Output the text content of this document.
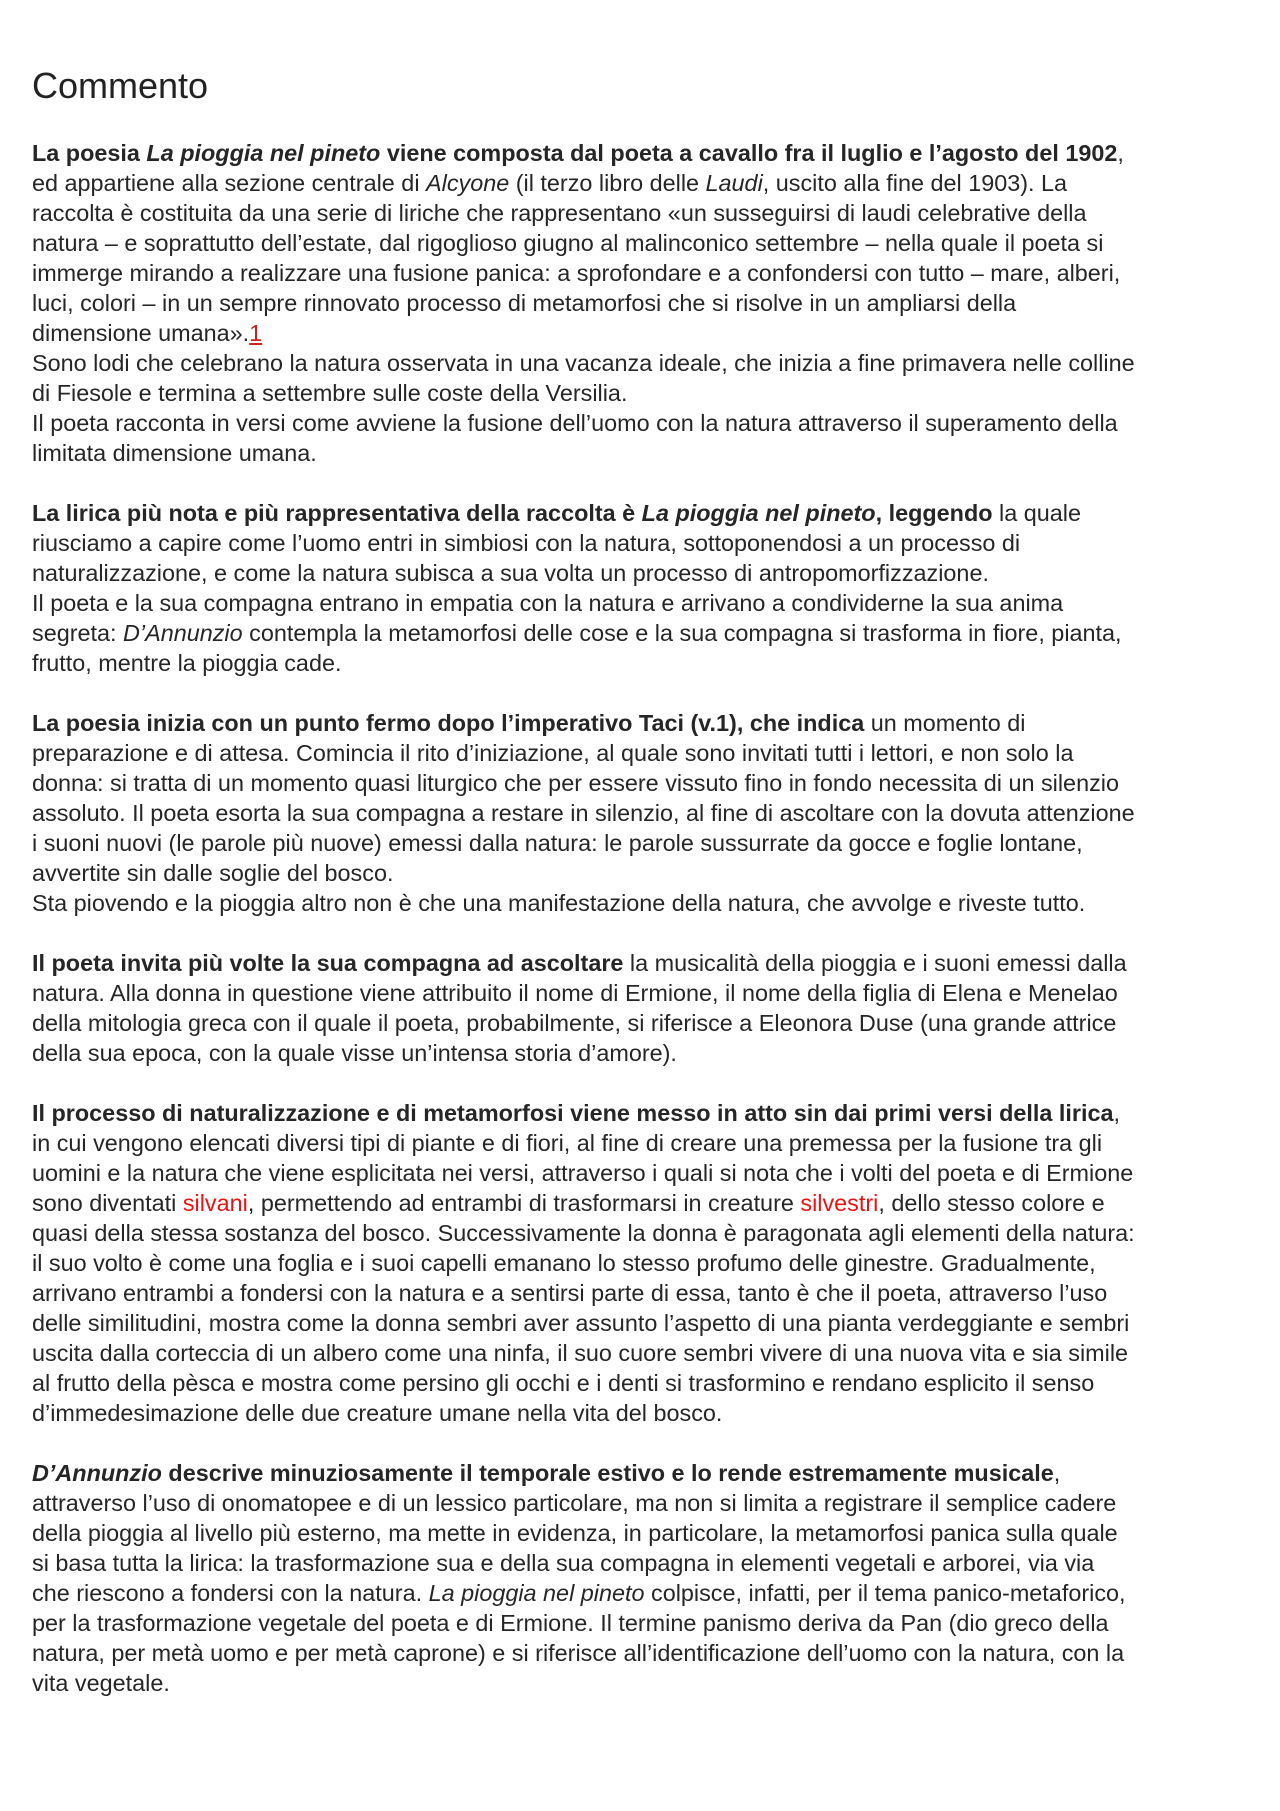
Commento

La poesia La pioggia nel pineto viene composta dal poeta a cavallo fra il luglio e l’agosto del 1902,
ed appartiene alla sezione centrale di Alcyone (il terzo libro delle Laudi, uscito alla fine del 1903). La
raccolta è costituita da una serie di liriche che rappresentano «un susseguirsi di laudi celebrative della
natura – e soprattutto dell’estate, dal rigoglioso giugno al malinconico settembre – nella quale il poeta si
immerge mirando a realizzare una fusione panica: a sprofondare e a confondersi con tutto – mare, alberi,
luci, colori – in un sempre rinnovato processo di metamorfosi che si risolve in un ampliarsi della
dimensione umana».1
Sono lodi che celebrano la natura osservata in una vacanza ideale, che inizia a fine primavera nelle colline
di Fiesole e termina a settembre sulle coste della Versilia.
Il poeta racconta in versi come avviene la fusione dell’uomo con la natura attraverso il superamento della
limitata dimensione umana.

La lirica più nota e più rappresentativa della raccolta è La pioggia nel pineto, leggendo la quale
riusciamo a capire come l’uomo entri in simbiosi con la natura, sottoponendosi a un processo di
naturalizzazione, e come la natura subisca a sua volta un processo di antropomorfizzazione.
Il poeta e la sua compagna entrano in empatia con la natura e arrivano a condividerne la sua anima
segreta: D’Annunzio contempla la metamorfosi delle cose e la sua compagna si trasforma in fiore, pianta,
frutto, mentre la pioggia cade.

La poesia inizia con un punto fermo dopo l’imperativo Taci (v.1), che indica un momento di
preparazione e di attesa. Comincia il rito d’iniziazione, al quale sono invitati tutti i lettori, e non solo la
donna: si tratta di un momento quasi liturgico che per essere vissuto fino in fondo necessita di un silenzio
assoluto. Il poeta esorta la sua compagna a restare in silenzio, al fine di ascoltare con la dovuta attenzione
i suoni nuovi (le parole più nuove) emessi dalla natura: le parole sussurrate da gocce e foglie lontane,
avvertite sin dalle soglie del bosco.
Sta piovendo e la pioggia altro non è che una manifestazione della natura, che avvolge e riveste tutto.

Il poeta invita più volte la sua compagna ad ascoltare la musicalità della pioggia e i suoni emessi dalla
natura. Alla donna in questione viene attribuito il nome di Ermione, il nome della figlia di Elena e Menelao
della mitologia greca con il quale il poeta, probabilmente, si riferisce a Eleonora Duse (una grande attrice
della sua epoca, con la quale visse un’intensa storia d’amore).

Il processo di naturalizzazione e di metamorfosi viene messo in atto sin dai primi versi della lirica,
in cui vengono elencati diversi tipi di piante e di fiori, al fine di creare una premessa per la fusione tra gli
uomini e la natura che viene esplicitata nei versi, attraverso i quali si nota che i volti del poeta e di Ermione
sono diventati silvani, permettendo ad entrambi di trasformarsi in creature silvestri, dello stesso colore e
quasi della stessa sostanza del bosco. Successivamente la donna è paragonata agli elementi della natura:
il suo volto è come una foglia e i suoi capelli emanano lo stesso profumo delle ginestre. Gradualmente,
arrivano entrambi a fondersi con la natura e a sentirsi parte di essa, tanto è che il poeta, attraverso l’uso
delle similitudini, mostra come la donna sembri aver assunto l’aspetto di una pianta verdeggiante e sembri
uscita dalla corteccia di un albero come una ninfa, il suo cuore sembri vivere di una nuova vita e sia simile
al frutto della pèsca e mostra come persino gli occhi e i denti si trasformino e rendano esplicito il senso
d’immedesimazione delle due creature umane nella vita del bosco.

D’Annunzio descrive minuziosamente il temporale estivo e lo rende estremamente musicale,
attraverso l’uso di onomatopee e di un lessico particolare, ma non si limita a registrare il semplice cadere
della pioggia al livello più esterno, ma mette in evidenza, in particolare, la metamorfosi panica sulla quale
si basa tutta la lirica: la trasformazione sua e della sua compagna in elementi vegetali e arborei, via via
che riescono a fondersi con la natura. La pioggia nel pineto colpisce, infatti, per il tema panico-metaforico,
per la trasformazione vegetale del poeta e di Ermione. Il termine panismo deriva da Pan (dio greco della
natura, per metà uomo e per metà caprone) e si riferisce all’identificazione dell’uomo con la natura, con la
vita vegetale.
